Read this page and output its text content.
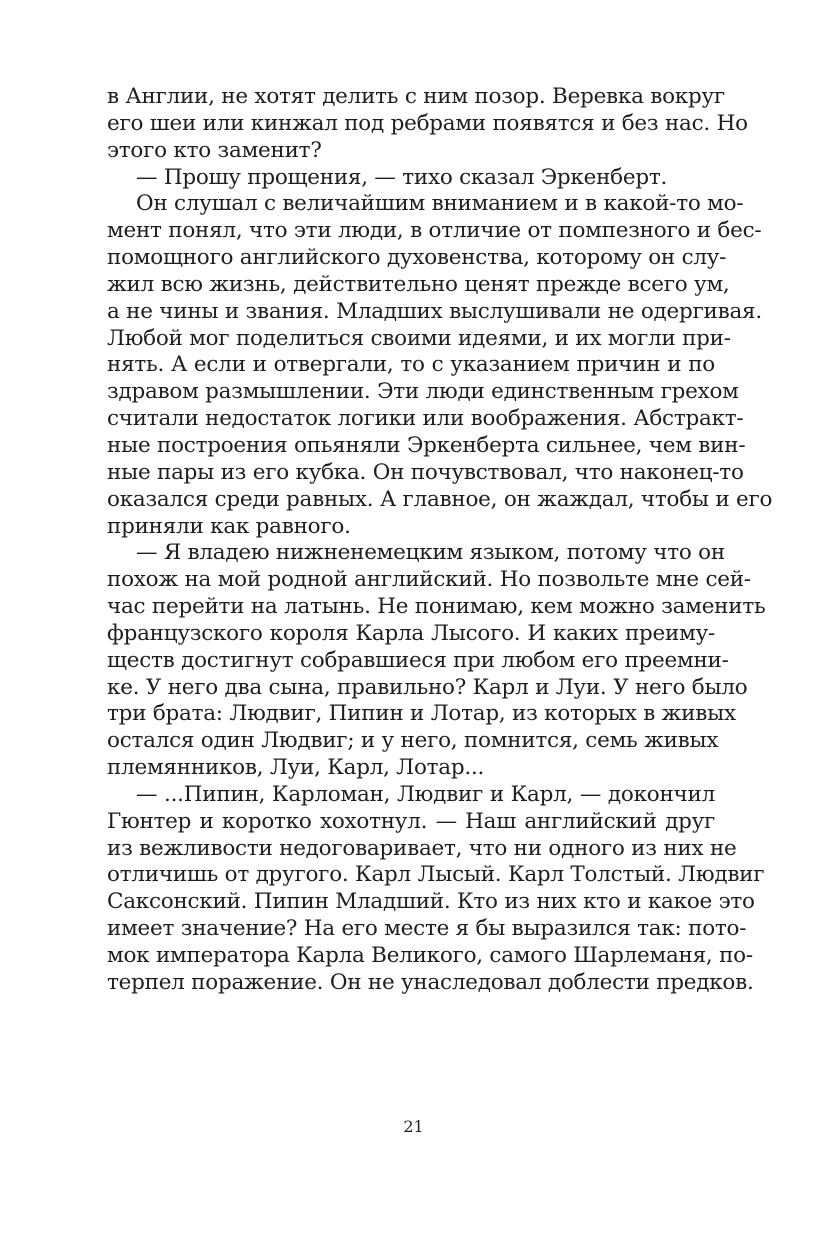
в Англии, не хотят делить с ним позор. Веревка вокруг
его шеи или кинжал под ребрами появятся и без нас. Но
этого кто заменит?
— Прошу прощения, — тихо сказал Эркенберт.
Он слушал с величайшим вниманием и в какой-то мо-
мент понял, что эти люди, в отличие от помпезного и бес-
помощного английского духовенства, которому он слу-
жил всю жизнь, действительно ценят прежде всего ум,
а не чины и звания. Младших выслушивали не одергивая.
Любой мог поделиться своими идеями, и их могли при-
нять. А если и отвергали, то с указанием причин и по
здравом размышлении. Эти люди единственным грехом
считали недостаток логики или воображения. Абстракт-
ные построения опьяняли Эркенберта сильнее, чем вин-
ные пары из его кубка. Он почувствовал, что наконец-то
оказался среди равных. А главное, он жаждал, чтобы и его
приняли как равного.
— Я владею нижненемецким языком, потому что он
похож на мой родной английский. Но позвольте мне сей-
час перейти на латынь. Не понимаю, кем можно заменить
французского короля Карла Лысого. И каких преиму-
ществ достигнут собравшиеся при любом его преемни-
ке. У него два сына, правильно? Карл и Луи. У него было
три брата: Людвиг, Пипин и Лотар, из которых в живых
остался один Людвиг; и у него, помнится, семь живых
племянников, Луи, Карл, Лотар...
— ...Пипин, Карломан, Людвиг и Карл, — докончил
Гюнтер и коротко хохотнул. — Наш английский друг
из вежливости недоговаривает, что ни одного из них не
отличишь от другого. Карл Лысый. Карл Толстый. Людвиг
Саксонский. Пипин Младший. Кто из них кто и какое это
имеет значение? На его месте я бы выразился так: пото-
мок императора Карла Великого, самого Шарлеманя, по-
терпел поражение. Он не унаследовал доблести предков.
21
